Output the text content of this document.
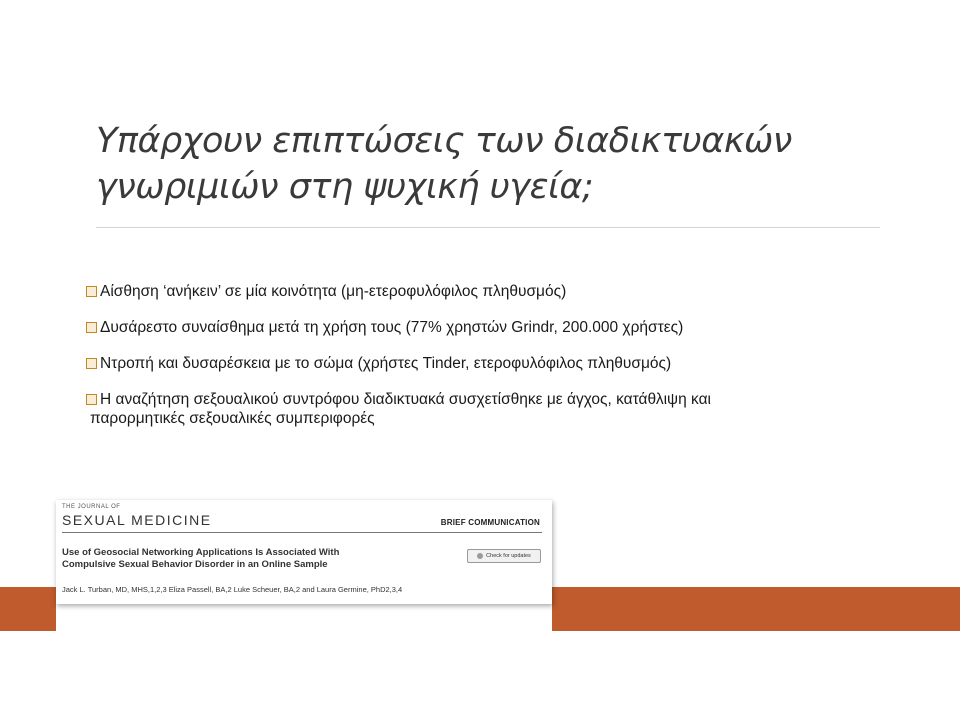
Υπάρχουν επιπτώσεις των διαδικτυακών
γνωριμιών στη ψυχική υγεία;
Αίσθηση ‘ανήκειν’ σε μία κοινότητα (μη-ετεροφυλόφιλος πληθυσμός)
Δυσάρεστο συναίσθημα μετά τη χρήση τους (77% χρηστών Grindr, 200.000 χρήστες)
Ντροπή και δυσαρέσκεια με το σώμα (χρήστες Tinder, ετεροφυλόφιλος πληθυσμός)
Η αναζήτηση σεξουαλικού συντρόφου διαδικτυακά συσχετίσθηκε με άγχος, κατάθλιψη και
παρορμητικές σεξουαλικές συμπεριφορές
THE JOURNAL OF
SEXUAL MEDICINE	BRIEF COMMUNICATION
Use of Geosocial Networking Applications Is Associated With
Compulsive Sexual Behavior Disorder in an Online Sample
Check for updates
Jack L. Turban, MD, MHS,1,2,3 Eliza Passell, BA,2 Luke Scheuer, BA,2 and Laura Germine, PhD2,3,4
